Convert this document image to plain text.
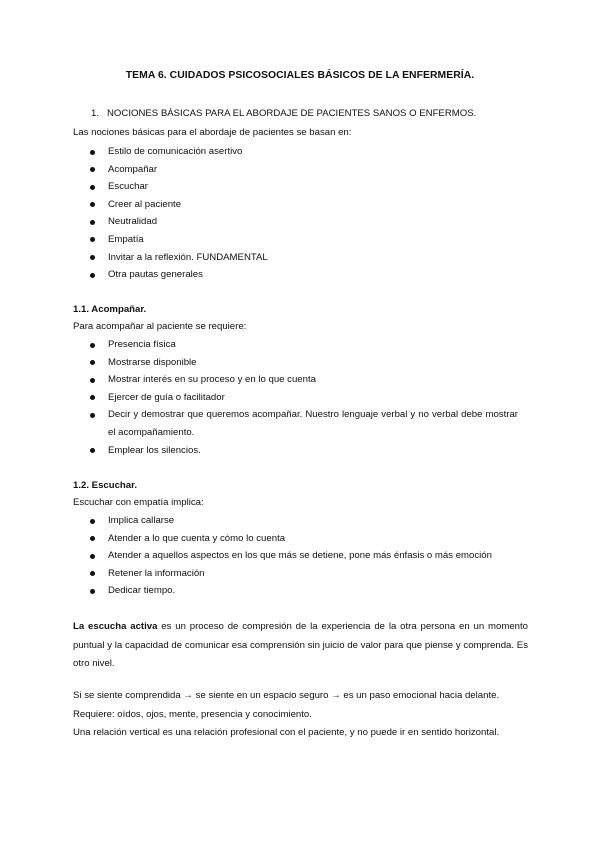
TEMA 6. CUIDADOS PSICOSOCIALES BÁSICOS DE LA ENFERMERÍA.
1. NOCIONES BÁSICAS PARA EL ABORDAJE DE PACIENTES SANOS O ENFERMOS.
Las nociones básicas para el abordaje de pacientes se basan en:
Estilo de comunicación asertivo
Acompañar
Escuchar
Creer al paciente
Neutralidad
Empatía
Invitar a la reflexión. FUNDAMENTAL
Otra pautas generales
1.1. Acompañar.
Para acompañar al paciente se requiere:
Presencia física
Mostrarse disponible
Mostrar interés en su proceso y en lo que cuenta
Ejercer de guía o facilitador
Decir y demostrar que queremos acompañar. Nuestro lenguaje verbal y no verbal debe mostrar el acompañamiento.
Emplear los silencios.
1.2. Escuchar.
Escuchar con empatía implica:
Implica callarse
Atender a lo que cuenta y cómo lo cuenta
Atender a aquellos aspectos en los que más se detiene, pone más énfasis o más emoción
Retener la información
Dedicar tiempo.
La escucha activa es un proceso de compresión de la experiencia de la otra persona en un momento puntual y la capacidad de comunicar esa comprensión sin juicio de valor para que piense y comprenda. Es otro nivel.
Si se siente comprendida → se siente en un espacio seguro → es un paso emocional hacia delante.
Requiere: oídos, ojos, mente, presencia y conocimiento.
Una relación vertical es una relación profesional con el paciente, y no puede ir en sentido horizontal.
